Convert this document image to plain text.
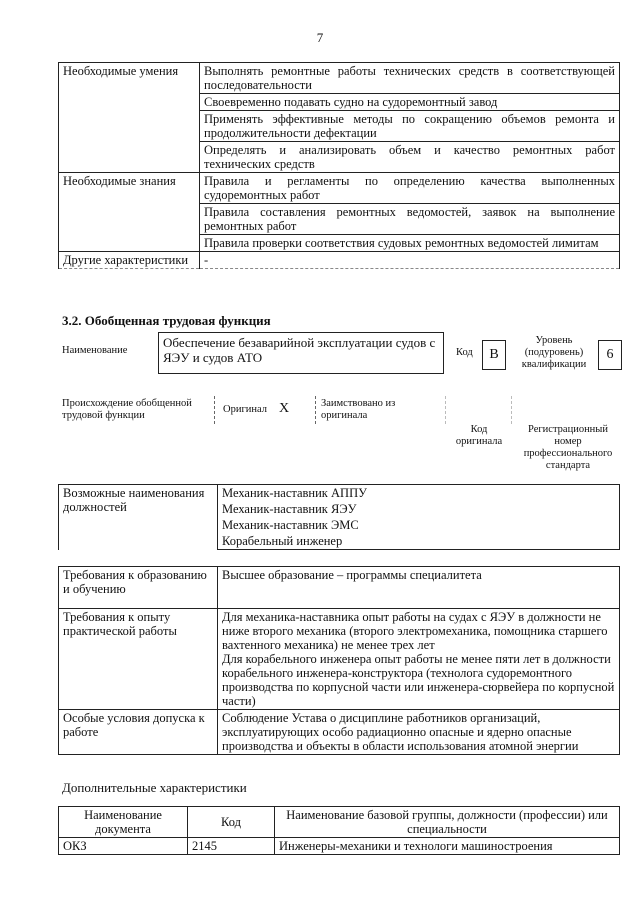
7
Необходимые умения	Выполнять ремонтные работы технических средств в соответствующей последовательности
	Своевременно подавать судно на судоремонтный завод
	Применять эффективные методы по сокращению объемов ремонта и продолжительности дефектации
	Определять и анализировать объем и качество ремонтных работ технических средств
Необходимые знания	Правила и регламенты по определению качества выполненных судоремонтных работ
	Правила составления ремонтных ведомостей, заявок на выполнение ремонтных работ
	Правила проверки соответствия судовых ремонтных ведомостей лимитам
Другие характеристики	-
3.2. Обобщенная трудовая функция
Наименование
Обеспечение безаварийной эксплуатации судов с ЯЭУ и судов АТО	Код	B
Уровень (подуровень) квалификации
6
Происхождение обобщенной трудовой функции
Оригинал X	Заимствовано из оригинала
Код оригинала
Регистрационный номер профессионального стандарта
Возможные наименования должностей	Механик-наставник АППУ
Механик-наставник ЯЭУ
Механик-наставник ЭМС
Корабельный инженер
Требования к образованию и обучению	Высшее образование – программы специалитета
Требования к опыту практической работы	Для механика-наставника опыт работы на судах с ЯЭУ в должности не ниже второго механика (второго электромеханика, помощника старшего вахтенного механика) не менее трех лет
Для корабельного инженера опыт работы не менее пяти лет в должности корабельного инженера-конструктора (технолога судоремонтного производства по корпусной части или инженера-сюрвейера по корпусной части)

Особые условия допуска к работе	Соблюдение Устава о дисциплине работников организаций, эксплуатирующих особо радиационно опасные и ядерно опасные производства и объекты в области использования атомной энергии
Дополнительные характеристики
Наименование документа	Код	Наименование базовой группы, должности (профессии) или специальности
ОКЗ	2145	Инженеры-механики и технологи машиностроения
